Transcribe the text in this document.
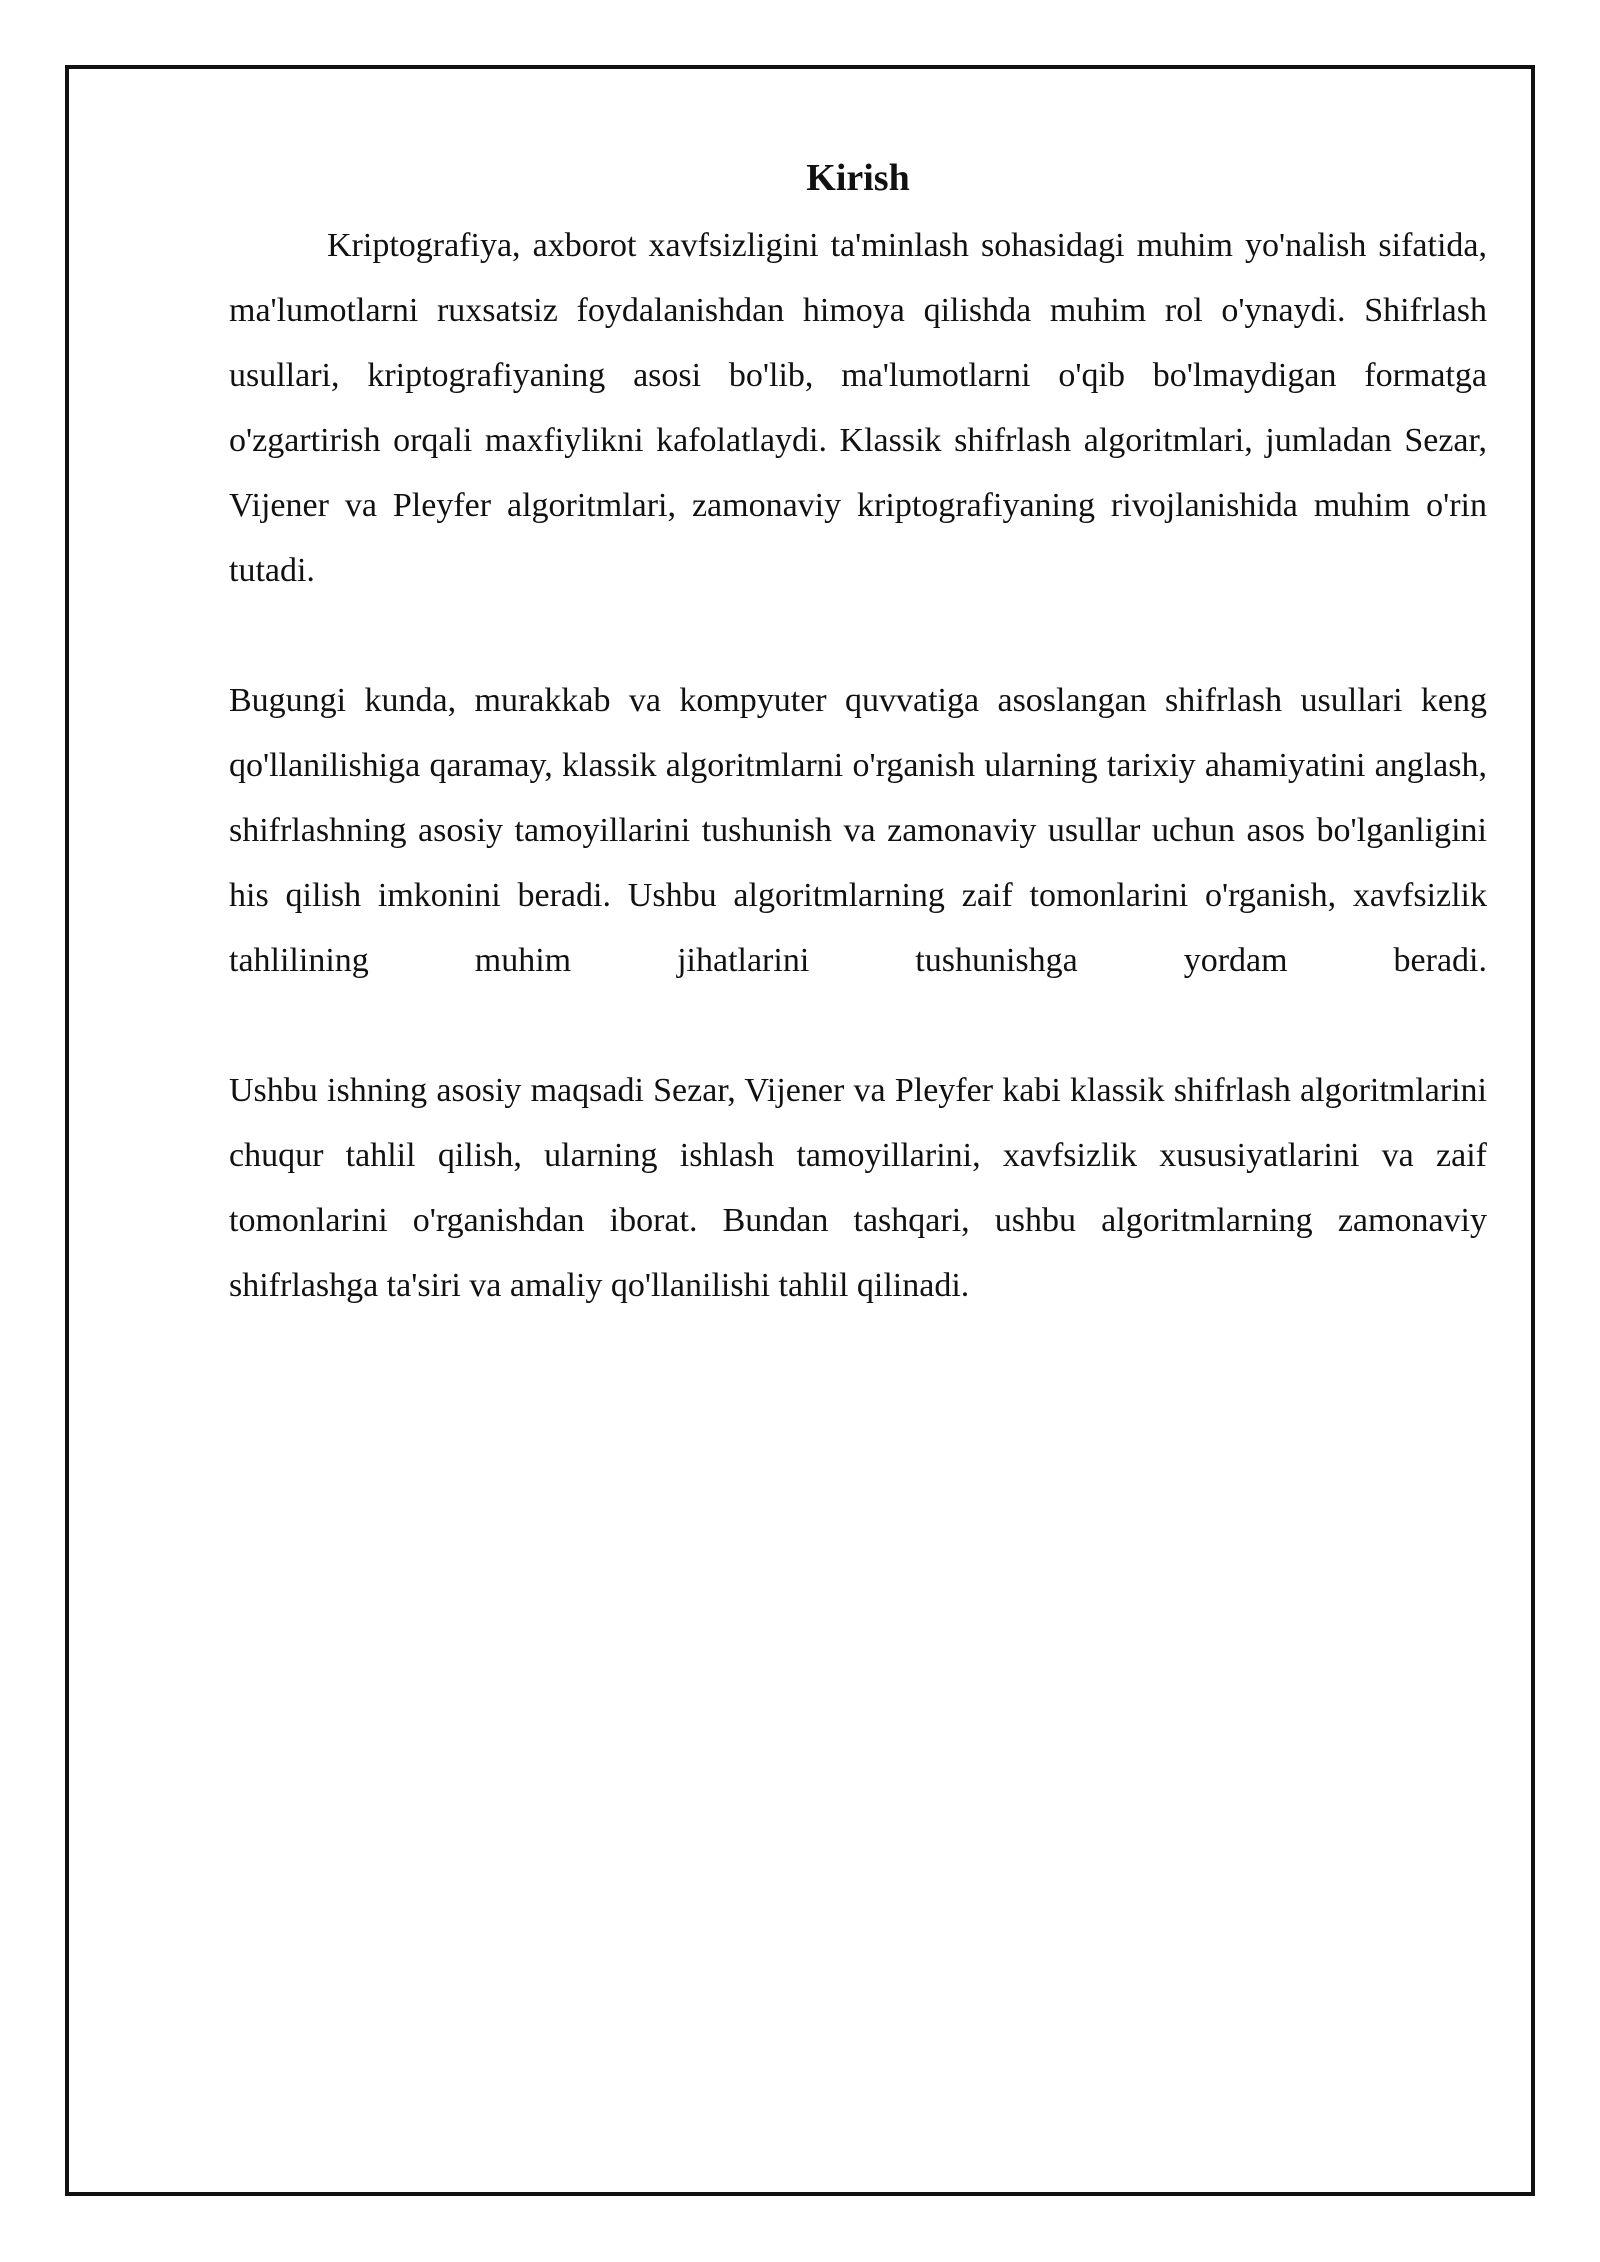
Kirish

Kriptografiya, axborot xavfsizligini ta'minlash sohasidagi muhim yo'nalish sifatida, ma'lumotlarni ruxsatsiz foydalanishdan himoya qilishda muhim rol o'ynaydi. Shifrlash usullari, kriptografiyaning asosi bo'lib, ma'lumotlarni o'qib bo'lmaydigan formatga o'zgartirish orqali maxfiylikni kafolatlaydi. Klassik shifrlash algoritmlari, jumladan Sezar, Vijener va Pleyfer algoritmlari, zamonaviy kriptografiyaning rivojlanishida muhim o'rin tutadi.

Bugungi kunda, murakkab va kompyuter quvvatiga asoslangan shifrlash usullari keng qo'llanilishiga qaramay, klassik algoritmlarni o'rganish ularning tarixiy ahamiyatini anglash, shifrlashning asosiy tamoyillarini tushunish va zamonaviy usullar uchun asos bo'lganligini his qilish imkonini beradi. Ushbu algoritmlarning zaif tomonlarini o'rganish, xavfsizlik tahlilining muhim jihatlarini tushunishga yordam beradi.

Ushbu ishning asosiy maqsadi Sezar, Vijener va Pleyfer kabi klassik shifrlash algoritmlarini chuqur tahlil qilish, ularning ishlash tamoyillarini, xavfsizlik xususiyatlarini va zaif tomonlarini o'rganishdan iborat. Bundan tashqari, ushbu algoritmlarning zamonaviy shifrlashga ta'siri va amaliy qo'llanilishi tahlil qilinadi.
